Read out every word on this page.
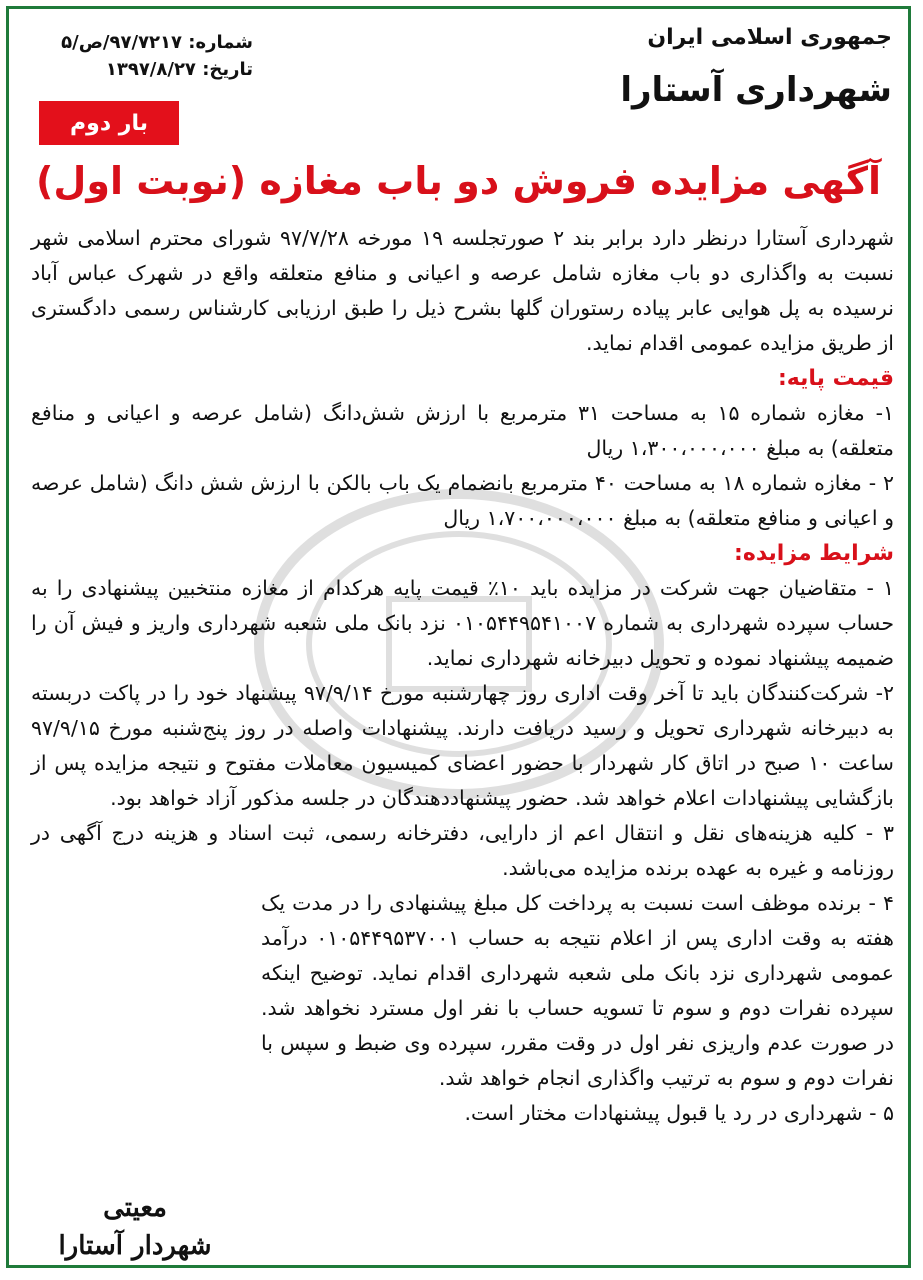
جمهوری اسلامی ایران
شهرداری آستارا
شماره: ۹۷/۷۲۱۷/ص/۵
تاریخ: ۱۳۹۷/۸/۲۷
بار دوم
آگهی مزایده فروش دو باب مغازه (نوبت اول)

شهرداری آستارا درنظر دارد برابر بند ۲ صورتجلسه ۱۹ مورخه ۹۷/۷/۲۸ شورای محترم اسلامی شهر نسبت به واگذاری دو باب مغازه شامل عرصه و اعیانی و منافع متعلقه واقع در شهرک عباس آباد نرسیده به پل هوایی عابر پیاده رستوران گلها بشرح ذیل را طبق ارزیابی کارشناس رسمی دادگستری از طریق مزایده عمومی اقدام نماید.

قیمت پایه:

۱- مغازه شماره ۱۵ به مساحت ۳۱ مترمربع با ارزش شش‌دانگ (شامل عرصه و اعیانی و منافع متعلقه) به مبلغ ۱،۳۰۰،۰۰۰،۰۰۰ ریال

۲ - مغازه شماره ۱۸ به مساحت ۴۰ مترمربع بانضمام یک باب بالکن با ارزش شش دانگ (شامل عرصه و اعیانی و منافع متعلقه) به مبلغ ۱،۷۰۰،۰۰۰،۰۰۰ ریال

شرایط مزایده:

۱ - متقاضیان جهت شرکت در مزایده باید ۱۰٪ قیمت پایه هرکدام از مغازه منتخبین پیشنهادی را به حساب سپرده شهرداری به شماره ۰۱۰۵۴۴۹۵۴۱۰۰۷ نزد بانک ملی شعبه شهرداری واریز و فیش آن را ضمیمه پیشنهاد نموده و تحویل دبیرخانه شهرداری نماید.

۲- شرکت‌کنندگان باید تا آخر وقت اداری روز چهارشنبه مورخ ۹۷/۹/۱۴ پیشنهاد خود را در پاکت دربسته به دبیرخانه شهرداری تحویل و رسید دریافت دارند. پیشنهادات واصله در روز پنج‌شنبه مورخ ۹۷/۹/۱۵ ساعت ۱۰ صبح در اتاق کار شهردار با حضور اعضای کمیسیون معاملات مفتوح و نتیجه مزایده پس از بازگشایی پیشنهادات اعلام خواهد شد. حضور پیشنهاددهندگان در جلسه مذکور آزاد خواهد بود.

۳ - کلیه هزینه‌های نقل و انتقال اعم از دارایی، دفترخانه رسمی، ثبت اسناد و هزینه درج آگهی در روزنامه و غیره به عهده برنده مزایده می‌باشد.

۴ - برنده موظف است نسبت به پرداخت کل مبلغ پیشنهادی را در مدت یک هفته به وقت اداری پس از اعلام نتیجه به حساب ۰۱۰۵۴۴۹۵۳۷۰۰۱ درآمد عمومی شهرداری نزد بانک ملی شعبه شهرداری اقدام نماید. توضیح اینکه سپرده نفرات دوم و سوم تا تسویه حساب با نفر اول مسترد نخواهد شد. در صورت عدم واریزی نفر اول در وقت مقرر، سپرده وی ضبط و سپس با نفرات دوم و سوم به ترتیب واگذاری انجام خواهد شد.

۵ - شهرداری در رد یا قبول پیشنهادات مختار است.

معیتی
شهردار آستارا
